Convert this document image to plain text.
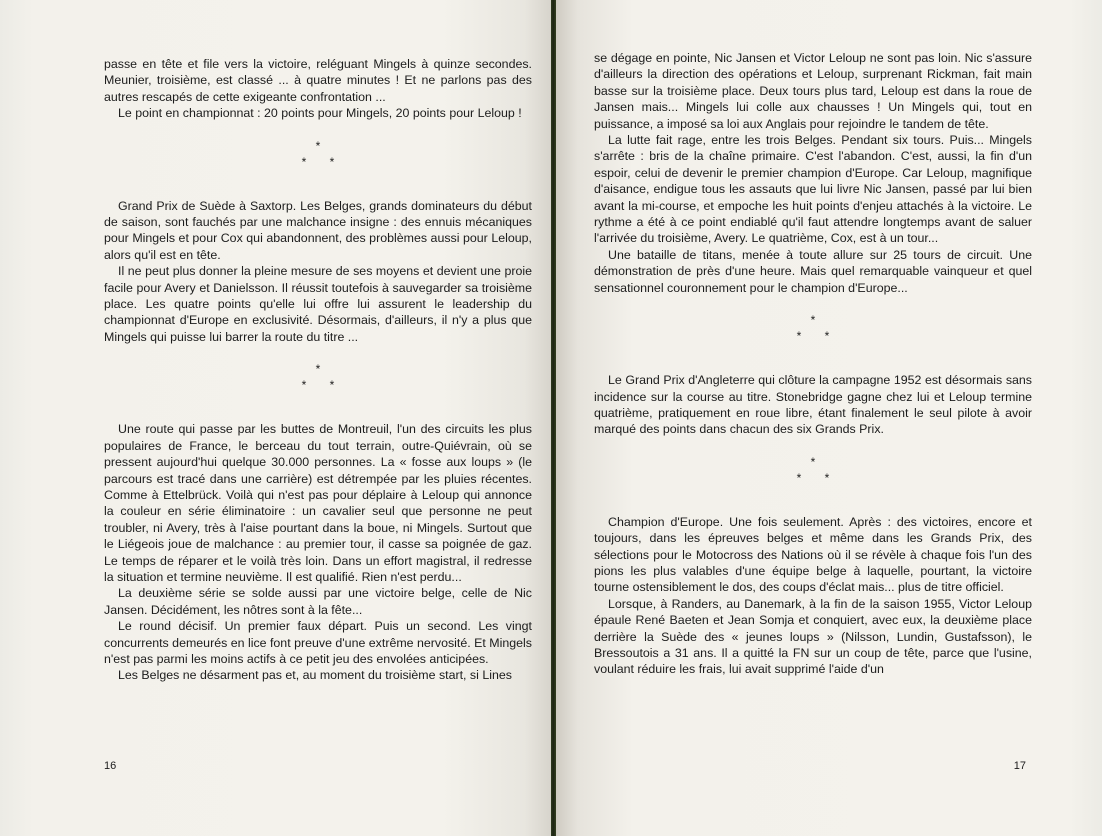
passe en tête et file vers la victoire, reléguant Mingels à quinze secondes. Meunier, troisième, est classé ... à quatre minutes ! Et ne parlons pas des autres rescapés de cette exigeante confrontation ...

Le point en championnat : 20 points pour Mingels, 20 points pour Leloup !

*
* *

Grand Prix de Suède à Saxtorp. Les Belges, grands dominateurs du début de saison, sont fauchés par une malchance insigne : des ennuis mécaniques pour Mingels et pour Cox qui abandonnent, des problèmes aussi pour Leloup, alors qu'il est en tête.

Il ne peut plus donner la pleine mesure de ses moyens et devient une proie facile pour Avery et Danielsson. Il réussit toutefois à sauvegarder sa troisième place. Les quatre points qu'elle lui offre lui assurent le leadership du championnat d'Europe en exclusivité. Désormais, d'ailleurs, il n'y a plus que Mingels qui puisse lui barrer la route du titre ...

*
* *

Une route qui passe par les buttes de Montreuil, l'un des circuits les plus populaires de France, le berceau du tout terrain, outre-Quiévrain, où se pressent aujourd'hui quelque 30.000 personnes. La « fosse aux loups » (le parcours est tracé dans une carrière) est détrempée par les pluies récentes. Comme à Ettelbrück. Voilà qui n'est pas pour déplaire à Leloup qui annonce la couleur en série éliminatoire : un cavalier seul que personne ne peut troubler, ni Avery, très à l'aise pourtant dans la boue, ni Mingels. Surtout que le Liégeois joue de malchance : au premier tour, il casse sa poignée de gaz. Le temps de réparer et le voilà très loin. Dans un effort magistral, il redresse la situation et termine neuvième. Il est qualifié. Rien n'est perdu...

La deuxième série se solde aussi par une victoire belge, celle de Nic Jansen. Décidément, les nôtres sont à la fête...

Le round décisif. Un premier faux départ. Puis un second. Les vingt concurrents demeurés en lice font preuve d'une extrême nervosité. Et Mingels n'est pas parmi les moins actifs à ce petit jeu des envolées anticipées.

Les Belges ne désarment pas et, au moment du troisième start, si Lines

16

se dégage en pointe, Nic Jansen et Victor Leloup ne sont pas loin. Nic s'assure d'ailleurs la direction des opérations et Leloup, surprenant Rickman, fait main basse sur la troisième place. Deux tours plus tard, Leloup est dans la roue de Jansen mais... Mingels lui colle aux chausses ! Un Mingels qui, tout en puissance, a imposé sa loi aux Anglais pour rejoindre le tandem de tête.

La lutte fait rage, entre les trois Belges. Pendant six tours. Puis... Mingels s'arrête : bris de la chaîne primaire. C'est l'abandon. C'est, aussi, la fin d'un espoir, celui de devenir le premier champion d'Europe. Car Leloup, magnifique d'aisance, endigue tous les assauts que lui livre Nic Jansen, passé par lui bien avant la mi-course, et empoche les huit points d'enjeu attachés à la victoire. Le rythme a été à ce point endiablé qu'il faut attendre longtemps avant de saluer l'arrivée du troisième, Avery. Le quatrième, Cox, est à un tour...

Une bataille de titans, menée à toute allure sur 25 tours de circuit. Une démonstration de près d'une heure. Mais quel remarquable vainqueur et quel sensationnel couronnement pour le champion d'Europe...

*
* *

Le Grand Prix d'Angleterre qui clôture la campagne 1952 est désormais sans incidence sur la course au titre. Stonebridge gagne chez lui et Leloup termine quatrième, pratiquement en roue libre, étant finalement le seul pilote à avoir marqué des points dans chacun des six Grands Prix.

*
* *

Champion d'Europe. Une fois seulement. Après : des victoires, encore et toujours, dans les épreuves belges et même dans les Grands Prix, des sélections pour le Motocross des Nations où il se révèle à chaque fois l'un des pions les plus valables d'une équipe belge à laquelle, pourtant, la victoire tourne ostensiblement le dos, des coups d'éclat mais... plus de titre officiel.

Lorsque, à Randers, au Danemark, à la fin de la saison 1955, Victor Leloup épaule René Baeten et Jean Somja et conquiert, avec eux, la deuxième place derrière la Suède des « jeunes loups » (Nilsson, Lundin, Gustafsson), le Bressoutois a 31 ans. Il a quitté la FN sur un coup de tête, parce que l'usine, voulant réduire les frais, lui avait supprimé l'aide d'un

17
